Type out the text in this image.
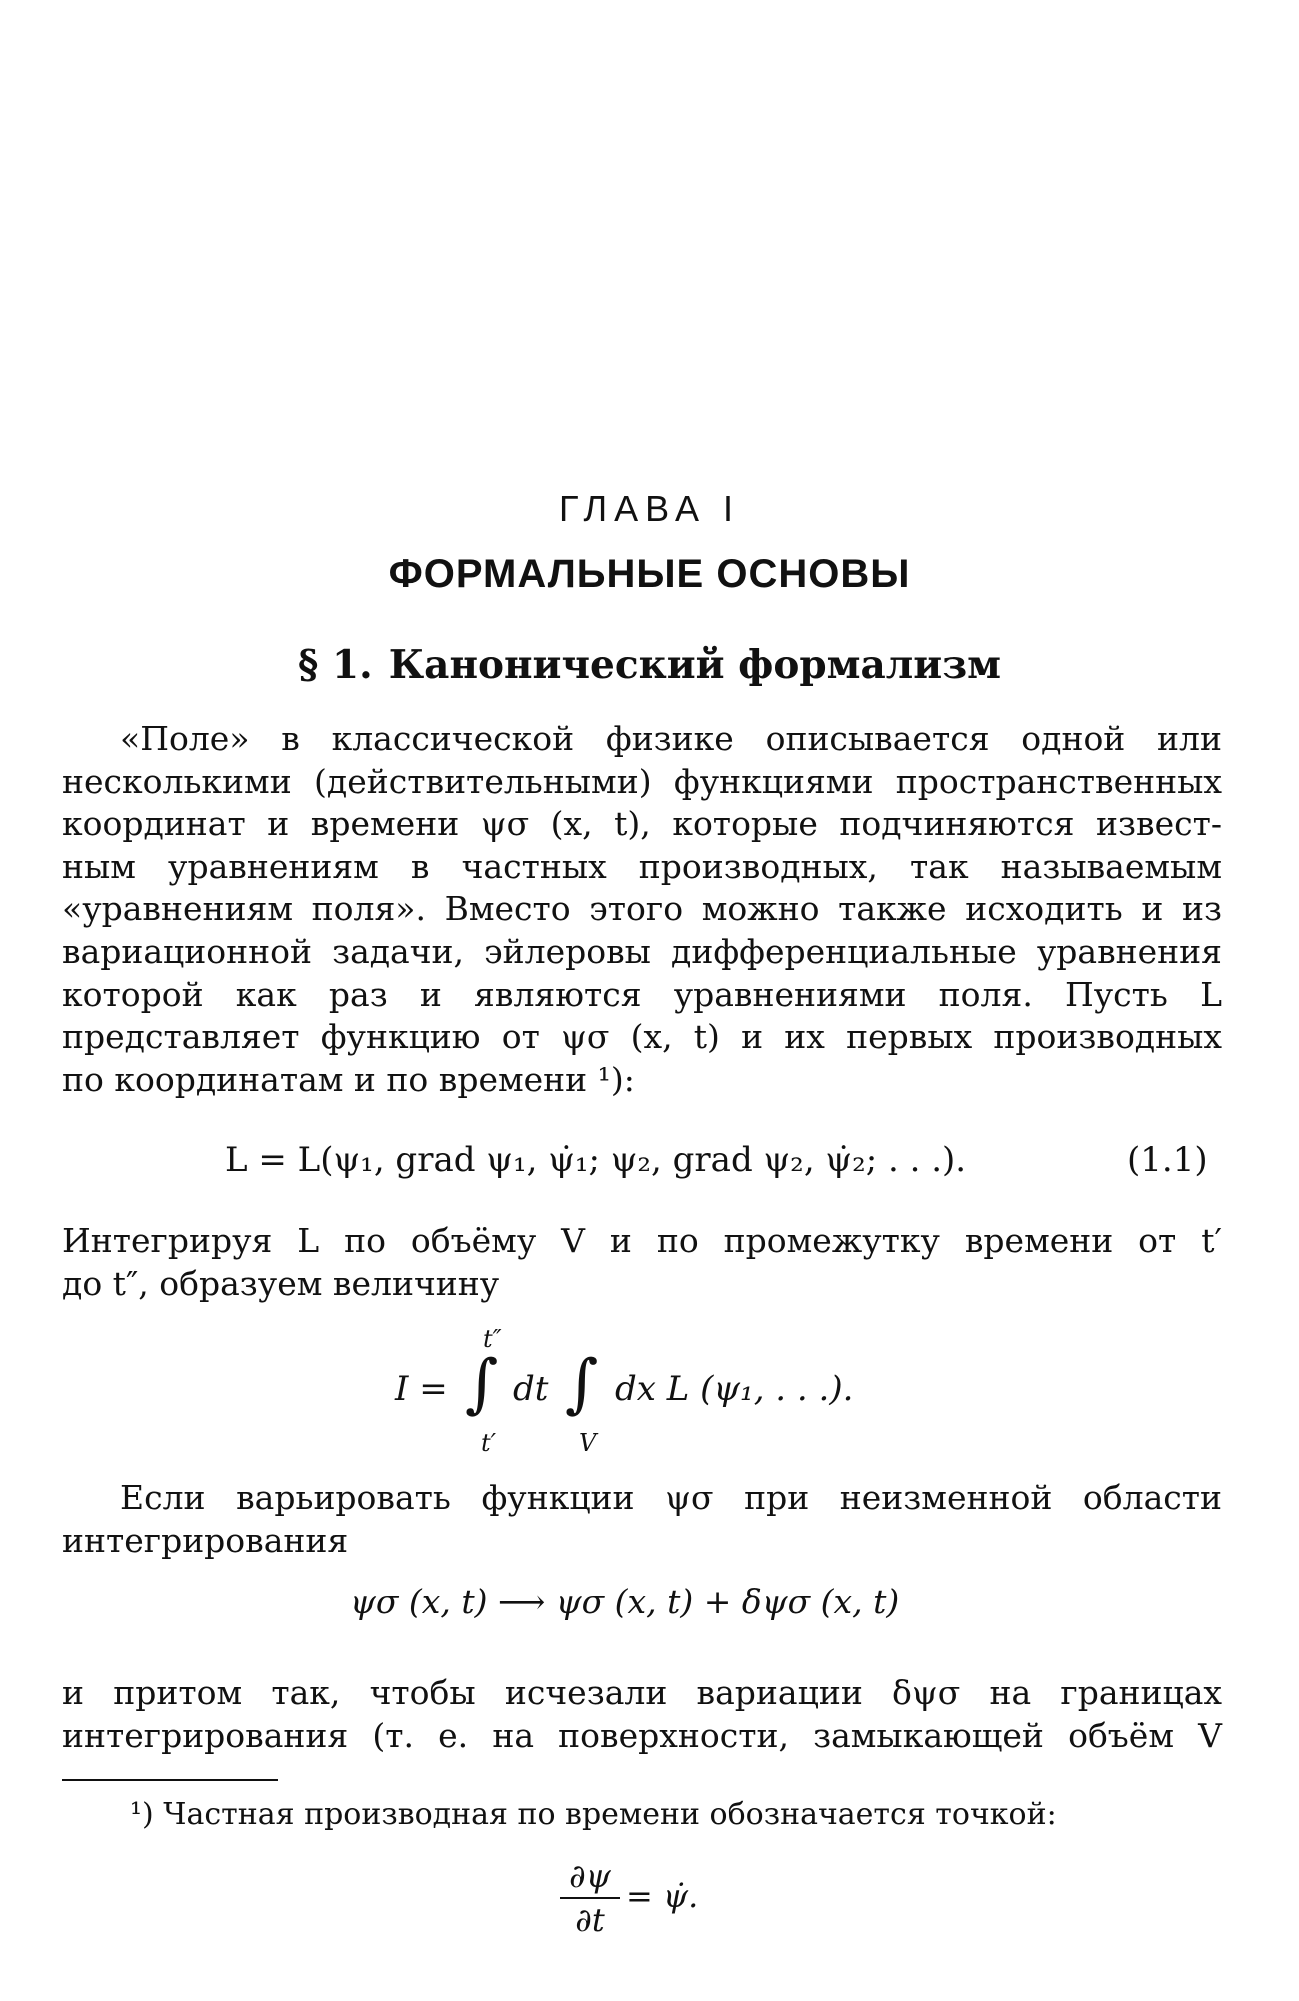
ГЛАВА I
ФОРМАЛЬНЫЕ ОСНОВЫ
§ 1. Канонический формализм
«Поле» в классической физике описывается одной или
несколькими (действительными) функциями пространственных
координат и времени ψσ (x, t), которые подчиняются извест-
ным уравнениям в частных производных, так называемым
«уравнениям поля». Вместо этого можно также исходить и из
вариационной задачи, эйлеровы дифференциальные уравнения
которой как раз и являются уравнениями поля. Пусть L
представляет функцию от ψσ (x, t) и их первых производных
по координатам и по времени ¹):
L = L(ψ₁, grad ψ₁, ψ̇₁; ψ₂, grad ψ₂, ψ̇₂; . . .).	(1.1)
Интегрируя L по объёму V и по промежутку времени от t′
до t″, образуем величину
I = ∫
t″
t′
dt ∫
V
dx L (ψ₁, . . .).
Если варьировать функции ψσ при неизменной области
интегрирования
ψσ (x, t) ⟶ ψσ (x, t) + δψσ (x, t)
и притом так, чтобы исчезали вариации δψσ на границах
интегрирования (т. е. на поверхности, замыкающей объём V
¹) Частная производная по времени обозначается точкой:
$\frac{\partial\psi}{\partial t}$ = ψ̇.
